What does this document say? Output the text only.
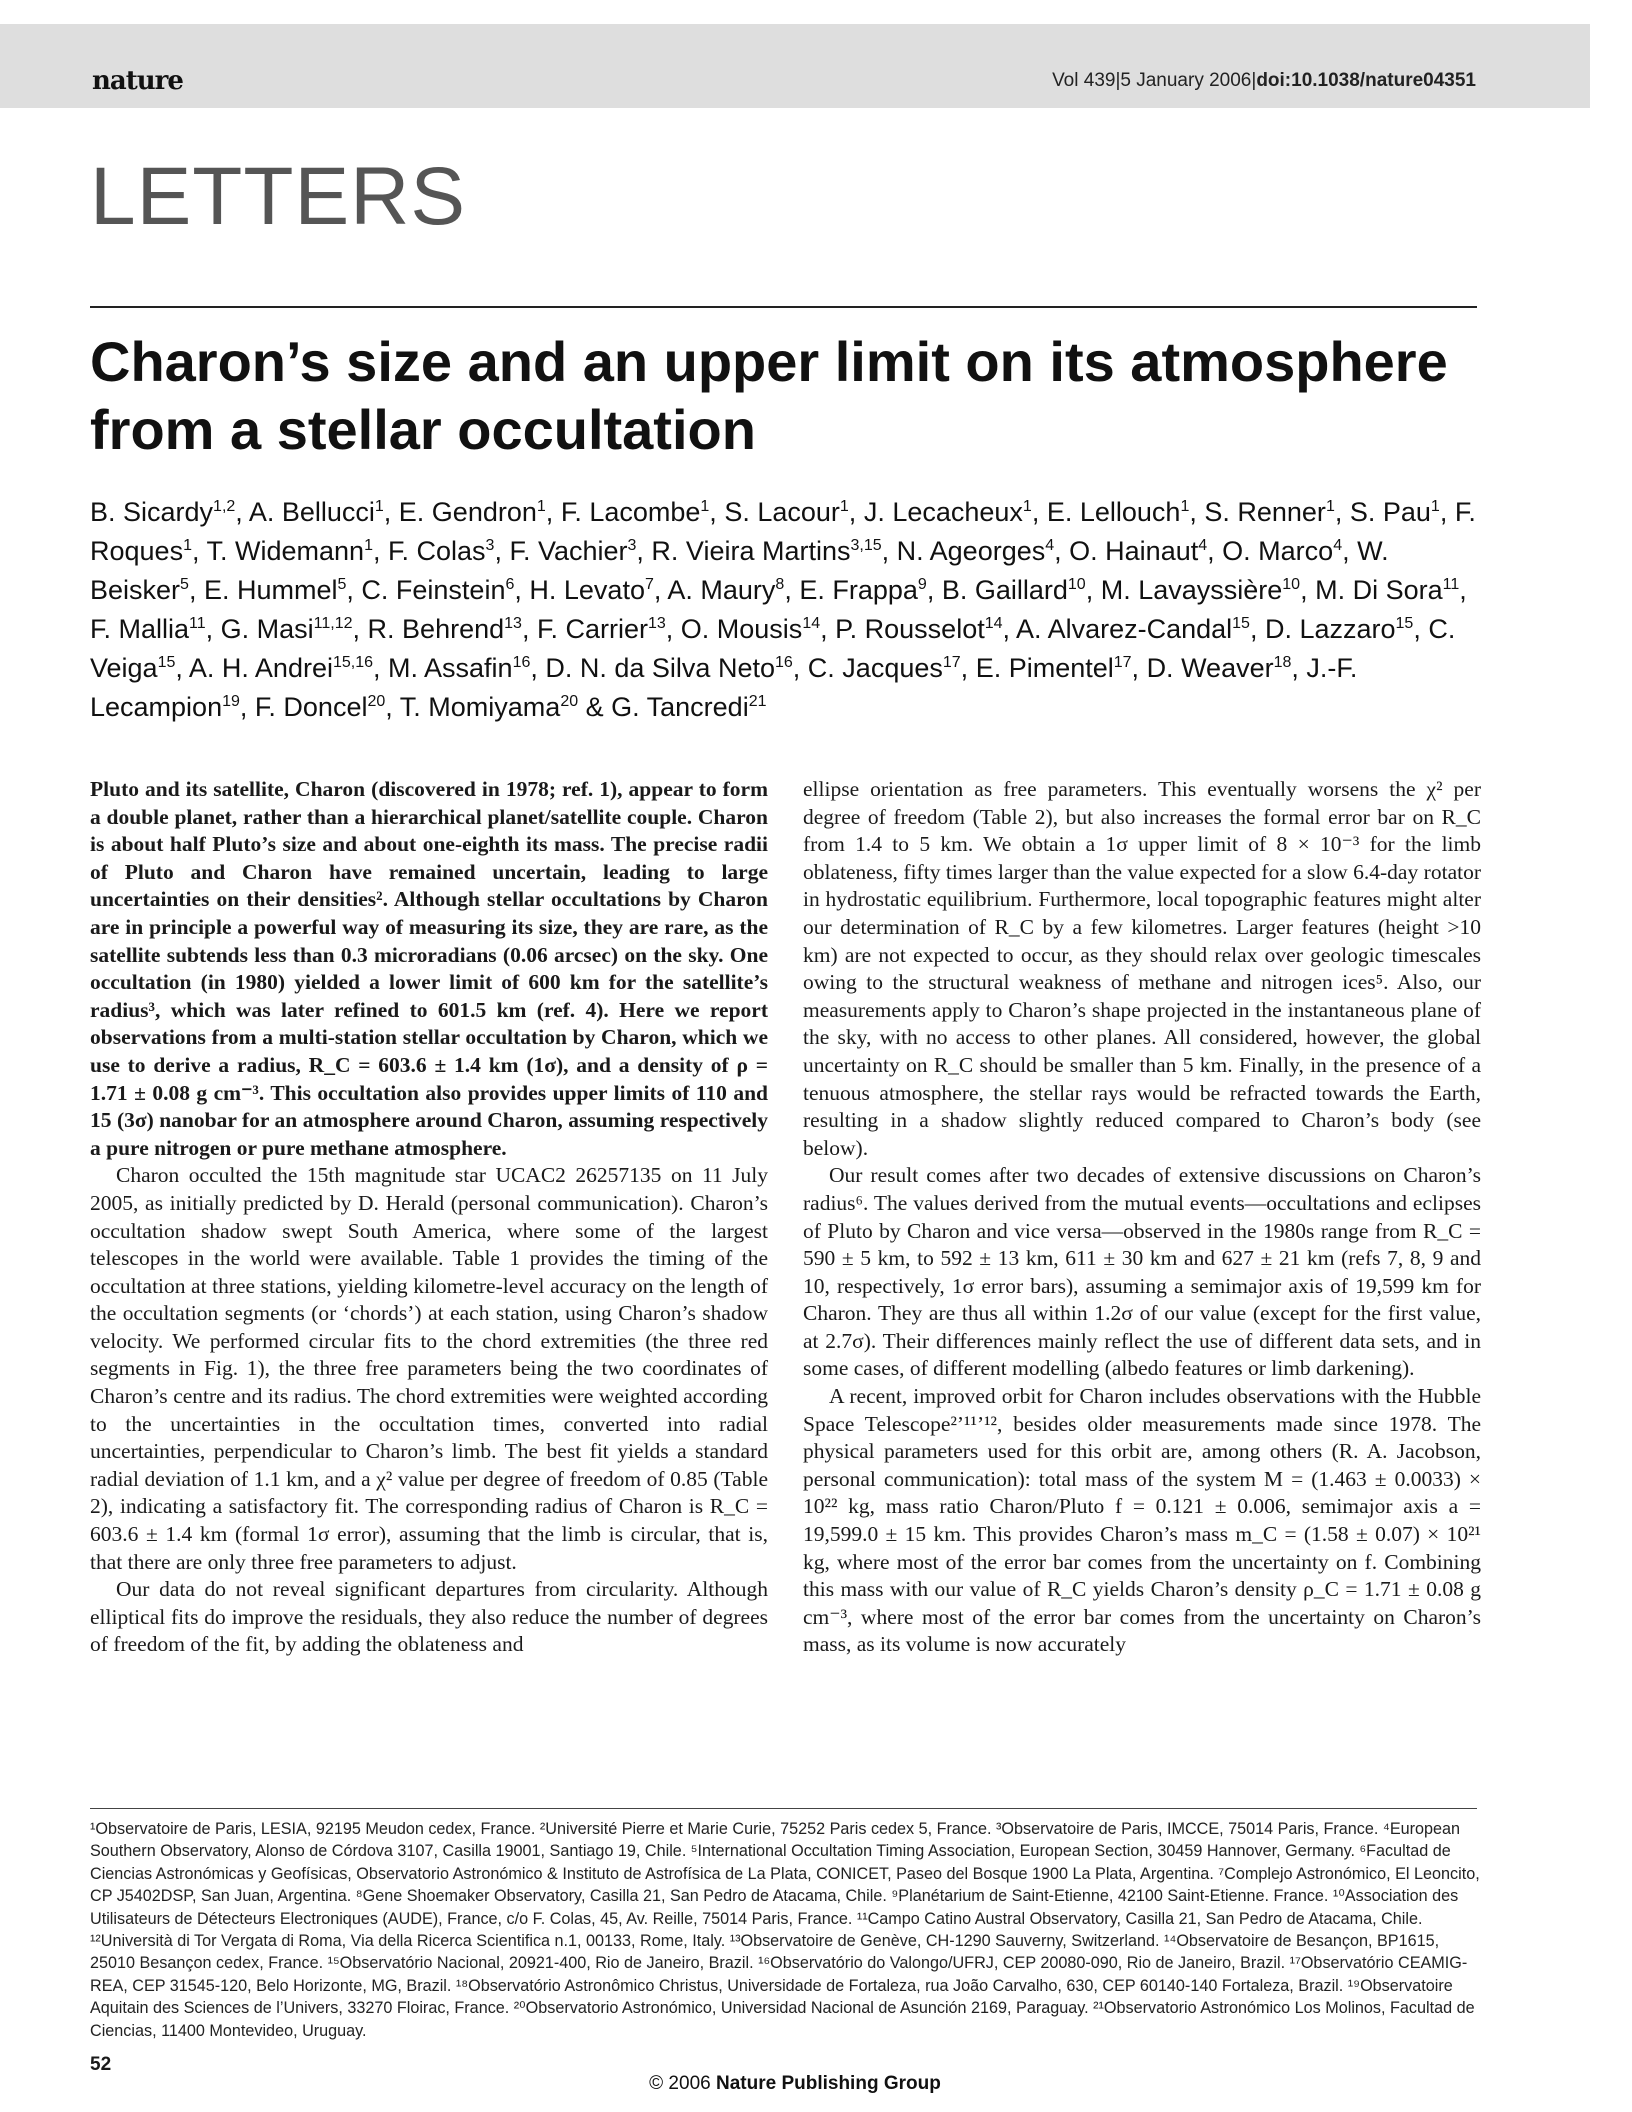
nature	Vol 439|5 January 2006|doi:10.1038/nature04351
LETTERS
Charon’s size and an upper limit on its atmosphere from a stellar occultation
B. Sicardy$^{1,2}$, A. Bellucci$^1$, E. Gendron$^1$, F. Lacombe$^1$, S. Lacour$^1$, J. Lecacheux$^1$, E. Lellouch$^1$, S. Renner$^1$, S. Pau$^1$, F. Roques$^1$, T. Widemann$^1$, F. Colas$^3$, F. Vachier$^3$, R. Vieira Martins$^{3,15}$, N. Ageorges$^4$, O. Hainaut$^4$, O. Marco$^4$, W. Beisker$^5$, E. Hummel$^5$, C. Feinstein$^6$, H. Levato$^7$, A. Maury$^8$, E. Frappa$^9$, B. Gaillard$^{10}$, M. Lavayssière$^{10}$, M. Di Sora$^{11}$, F. Mallia$^{11}$, G. Masi$^{11,12}$, R. Behrend$^{13}$, F. Carrier$^{13}$, O. Mousis$^{14}$, P. Rousselot$^{14}$, A. Alvarez-Candal$^{15}$, D. Lazzaro$^{15}$, C. Veiga$^{15}$, A. H. Andrei$^{15,16}$, M. Assafin$^{16}$, D. N. da Silva Neto$^{16}$, C. Jacques$^{17}$, E. Pimentel$^{17}$, D. Weaver$^{18}$, J.-F. Lecampion$^{19}$, F. Doncel$^{20}$, T. Momiyama$^{20}$ & G. Tancredi$^{21}$

Pluto and its satellite, Charon (discovered in 1978; ref. 1), appear to form a double planet, rather than a hierarchical planet/satellite couple. Charon is about half Pluto’s size and about one-eighth its mass. The precise radii of Pluto and Charon have remained uncertain, leading to large uncertainties on their densities². Although stellar occultations by Charon are in principle a powerful way of measuring its size, they are rare, as the satellite subtends less than 0.3 microradians (0.06 arcsec) on the sky. One occultation (in 1980) yielded a lower limit of 600 km for the satellite’s radius³, which was later refined to 601.5 km (ref. 4). Here we report observations from a multi-station stellar occultation by Charon, which we use to derive a radius, R_C = 603.6 ± 1.4 km (1σ), and a density of ρ = 1.71 ± 0.08 g cm⁻³. This occultation also provides upper limits of 110 and 15 (3σ) nanobar for an atmosphere around Charon, assuming respectively a pure nitrogen or pure methane atmosphere.

Charon occulted the 15th magnitude star UCAC2 26257135 on 11 July 2005, as initially predicted by D. Herald (personal communication). Charon’s occultation shadow swept South America, where some of the largest telescopes in the world were available. Table 1 provides the timing of the occultation at three stations, yielding kilometre-level accuracy on the length of the occultation segments (or ‘chords’) at each station, using Charon’s shadow velocity. We performed circular fits to the chord extremities (the three red segments in Fig. 1), the three free parameters being the two coordinates of Charon’s centre and its radius. The chord extremities were weighted according to the uncertainties in the occultation times, converted into radial uncertainties, perpendicular to Charon’s limb. The best fit yields a standard radial deviation of 1.1 km, and a χ² value per degree of freedom of 0.85 (Table 2), indicating a satisfactory fit. The corresponding radius of Charon is R_C = 603.6 ± 1.4 km (formal 1σ error), assuming that the limb is circular, that is, that there are only three free parameters to adjust.

Our data do not reveal significant departures from circularity. Although elliptical fits do improve the residuals, they also reduce the number of degrees of freedom of the fit, by adding the oblateness and

ellipse orientation as free parameters. This eventually worsens the χ² per degree of freedom (Table 2), but also increases the formal error bar on R_C from 1.4 to 5 km. We obtain a 1σ upper limit of 8 × 10⁻³ for the limb oblateness, fifty times larger than the value expected for a slow 6.4-day rotator in hydrostatic equilibrium. Furthermore, local topographic features might alter our determination of R_C by a few kilometres. Larger features (height >10 km) are not expected to occur, as they should relax over geologic timescales owing to the structural weakness of methane and nitrogen ices⁵. Also, our measurements apply to Charon’s shape projected in the instantaneous plane of the sky, with no access to other planes. All considered, however, the global uncertainty on R_C should be smaller than 5 km. Finally, in the presence of a tenuous atmosphere, the stellar rays would be refracted towards the Earth, resulting in a shadow slightly reduced compared to Charon’s body (see below).

Our result comes after two decades of extensive discussions on Charon’s radius⁶. The values derived from the mutual events—occultations and eclipses of Pluto by Charon and vice versa—observed in the 1980s range from R_C = 590 ± 5 km, to 592 ± 13 km, 611 ± 30 km and 627 ± 21 km (refs 7, 8, 9 and 10, respectively, 1σ error bars), assuming a semimajor axis of 19,599 km for Charon. They are thus all within 1.2σ of our value (except for the first value, at 2.7σ). Their differences mainly reflect the use of different data sets, and in some cases, of different modelling (albedo features or limb darkening).

A recent, improved orbit for Charon includes observations with the Hubble Space Telescope²’¹¹’¹², besides older measurements made since 1978. The physical parameters used for this orbit are, among others (R. A. Jacobson, personal communication): total mass of the system M = (1.463 ± 0.0033) × 10²² kg, mass ratio Charon/Pluto f = 0.121 ± 0.006, semimajor axis a = 19,599.0 ± 15 km. This provides Charon’s mass m_C = (1.58 ± 0.07) × 10²¹ kg, where most of the error bar comes from the uncertainty on f. Combining this mass with our value of R_C yields Charon’s density ρ_C = 1.71 ± 0.08 g cm⁻³, where most of the error bar comes from the uncertainty on Charon’s mass, as its volume is now accurately

¹Observatoire de Paris, LESIA, 92195 Meudon cedex, France. ²Université Pierre et Marie Curie, 75252 Paris cedex 5, France. ³Observatoire de Paris, IMCCE, 75014 Paris, France. ⁴European Southern Observatory, Alonso de Córdova 3107, Casilla 19001, Santiago 19, Chile. ⁵International Occultation Timing Association, European Section, 30459 Hannover, Germany. ⁶Facultad de Ciencias Astronómicas y Geofísicas, Observatorio Astronómico & Instituto de Astrofísica de La Plata, CONICET, Paseo del Bosque 1900 La Plata, Argentina. ⁷Complejo Astronómico, El Leoncito, CP J5402DSP, San Juan, Argentina. ⁸Gene Shoemaker Observatory, Casilla 21, San Pedro de Atacama, Chile. ⁹Planétarium de Saint-Etienne, 42100 Saint-Etienne. France. ¹⁰Association des Utilisateurs de Détecteurs Electroniques (AUDE), France, c/o F. Colas, 45, Av. Reille, 75014 Paris, France. ¹¹Campo Catino Austral Observatory, Casilla 21, San Pedro de Atacama, Chile. ¹²Università di Tor Vergata di Roma, Via della Ricerca Scientifica n.1, 00133, Rome, Italy. ¹³Observatoire de Genève, CH-1290 Sauverny, Switzerland. ¹⁴Observatoire de Besançon, BP1615, 25010 Besançon cedex, France. ¹⁵Observatório Nacional, 20921-400, Rio de Janeiro, Brazil. ¹⁶Observatório do Valongo/UFRJ, CEP 20080-090, Rio de Janeiro, Brazil. ¹⁷Observatório CEAMIG-REA, CEP 31545-120, Belo Horizonte, MG, Brazil. ¹⁸Observatório Astronômico Christus, Universidade de Fortaleza, rua João Carvalho, 630, CEP 60140-140 Fortaleza, Brazil. ¹⁹Observatoire Aquitain des Sciences de l’Univers, 33270 Floirac, France. ²⁰Observatorio Astronómico, Universidad Nacional de Asunción 2169, Paraguay. ²¹Observatorio Astronómico Los Molinos, Facultad de Ciencias, 11400 Montevideo, Uruguay.
52
© 2006 Nature Publishing Group
